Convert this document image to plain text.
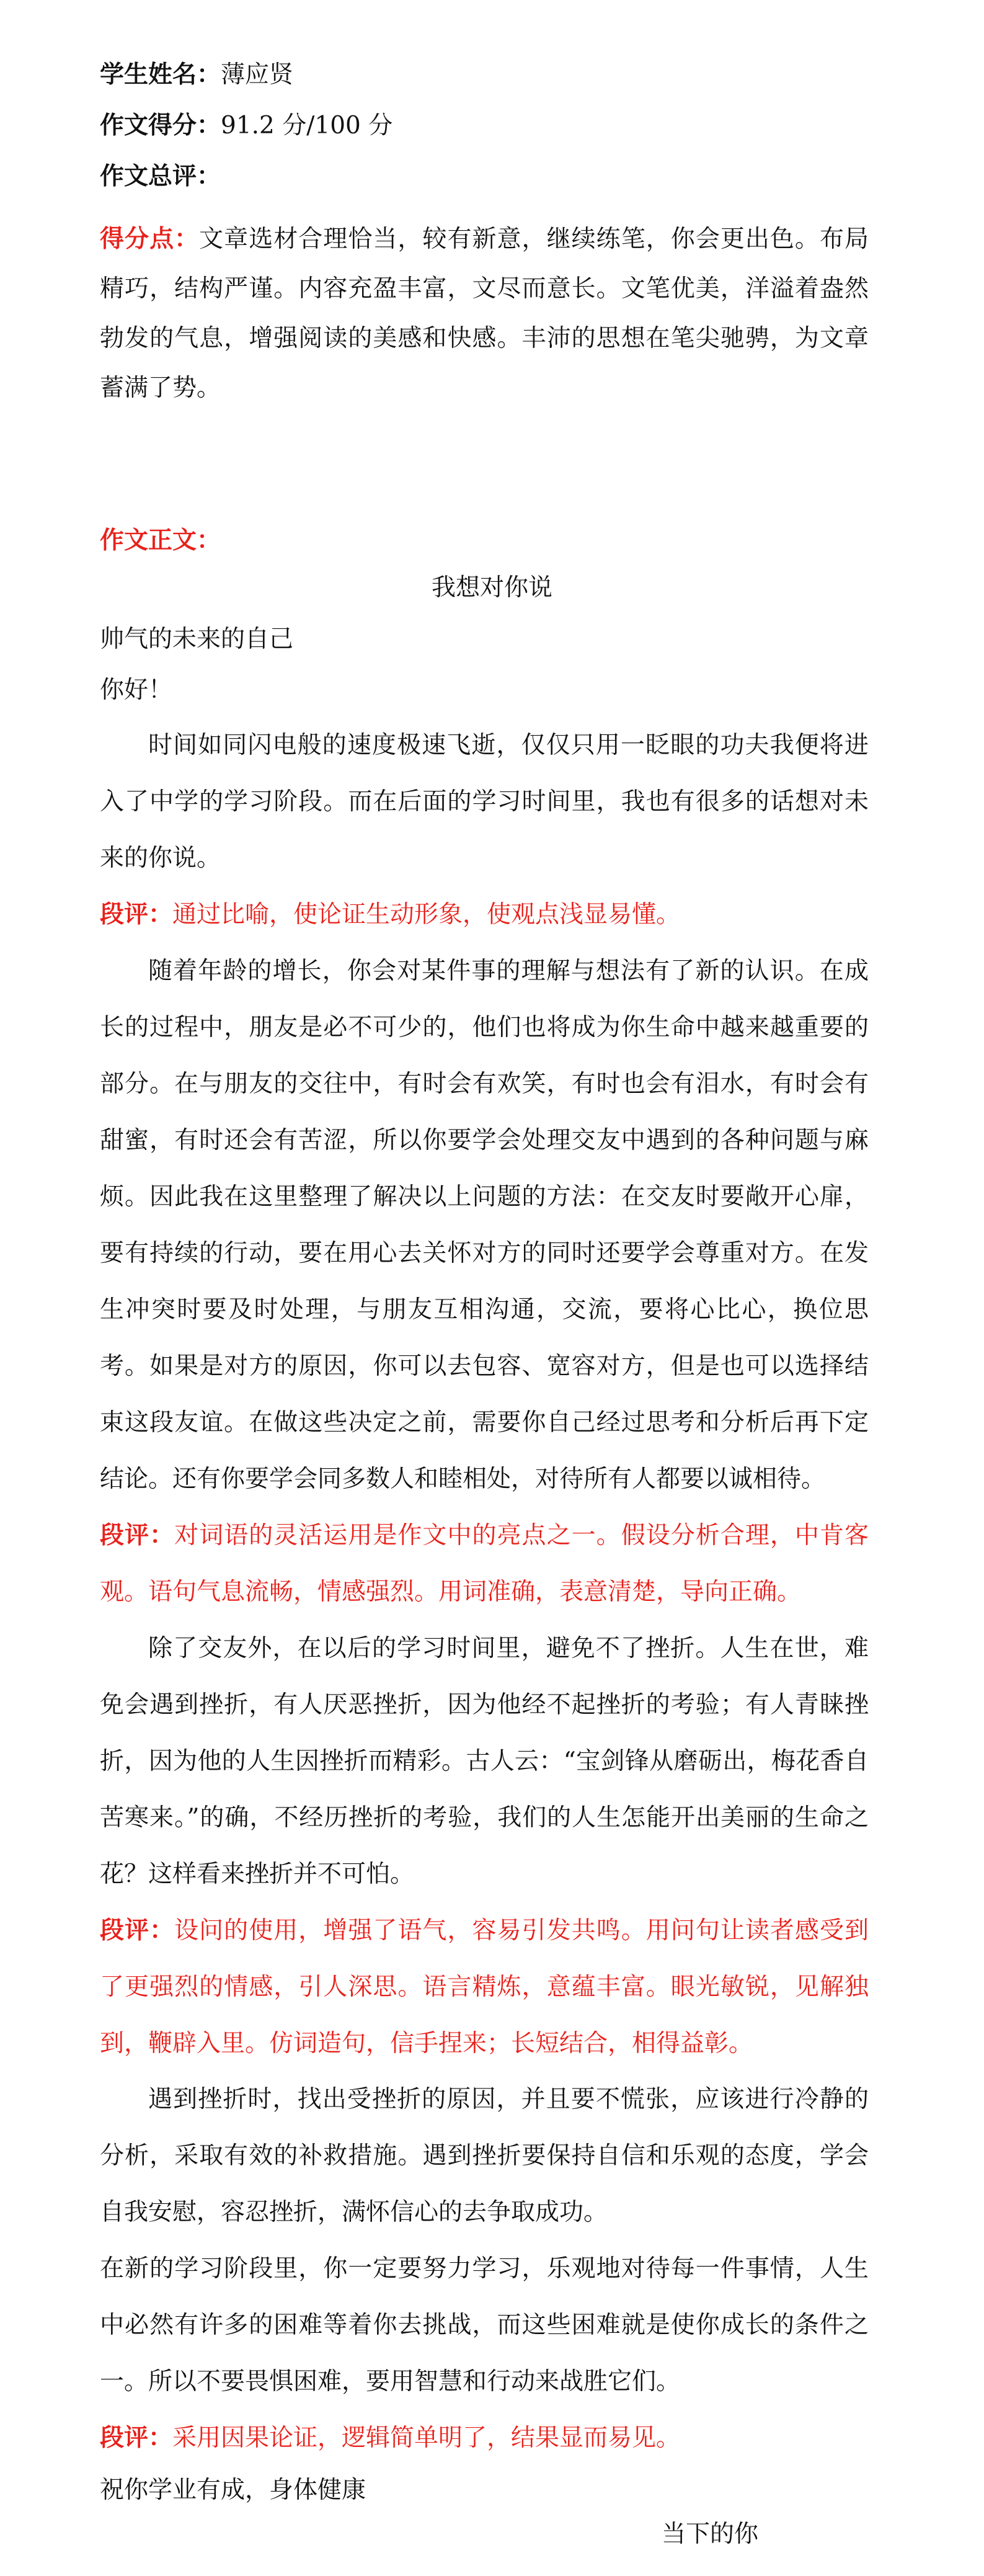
学生姓名：薄应贤
作文得分：91.2 分/100 分
作文总评：
得分点：文章选材合理恰当，较有新意，继续练笔，你会更出色。布局精巧，结构严谨。内容充盈丰富，文尽而意长。文笔优美，洋溢着盎然勃发的气息，增强阅读的美感和快感。丰沛的思想在笔尖驰骋，为文章蓄满了势。
作文正文：
我想对你说
帅气的未来的自己
你好！
时间如同闪电般的速度极速飞逝，仅仅只用一眨眼的功夫我便将进入了中学的学习阶段。而在后面的学习时间里，我也有很多的话想对未来的你说。
段评：通过比喻，使论证生动形象，使观点浅显易懂。
随着年龄的增长，你会对某件事的理解与想法有了新的认识。在成长的过程中，朋友是必不可少的，他们也将成为你生命中越来越重要的部分。在与朋友的交往中，有时会有欢笑，有时也会有泪水，有时会有甜蜜，有时还会有苦涩，所以你要学会处理交友中遇到的各种问题与麻烦。因此我在这里整理了解决以上问题的方法：在交友时要敞开心扉，要有持续的行动，要在用心去关怀对方的同时还要学会尊重对方。在发生冲突时要及时处理，与朋友互相沟通，交流，要将心比心，换位思考。如果是对方的原因，你可以去包容、宽容对方，但是也可以选择结束这段友谊。在做这些决定之前，需要你自己经过思考和分析后再下定结论。还有你要学会同多数人和睦相处，对待所有人都要以诚相待。
段评：对词语的灵活运用是作文中的亮点之一。假设分析合理，中肯客观。语句气息流畅，情感强烈。用词准确，表意清楚，导向正确。
除了交友外，在以后的学习时间里，避免不了挫折。人生在世，难免会遇到挫折，有人厌恶挫折，因为他经不起挫折的考验；有人青睐挫折，因为他的人生因挫折而精彩。古人云：“宝剑锋从磨砺出，梅花香自苦寒来。”的确，不经历挫折的考验，我们的人生怎能开出美丽的生命之花？这样看来挫折并不可怕。
段评：设问的使用，增强了语气，容易引发共鸣。用问句让读者感受到了更强烈的情感，引人深思。语言精炼，意蕴丰富。眼光敏锐，见解独到，鞭辟入里。仿词造句，信手捏来；长短结合，相得益彰。
遇到挫折时，找出受挫折的原因，并且要不慌张，应该进行冷静的分析，采取有效的补救措施。遇到挫折要保持自信和乐观的态度，学会自我安慰，容忍挫折，满怀信心的去争取成功。
在新的学习阶段里，你一定要努力学习，乐观地对待每一件事情，人生中必然有许多的困难等着你去挑战，而这些困难就是使你成长的条件之一。所以不要畏惧困难，要用智慧和行动来战胜它们。
段评：采用因果论证，逻辑简单明了，结果显而易见。
祝你学业有成，身体健康
当下的你
